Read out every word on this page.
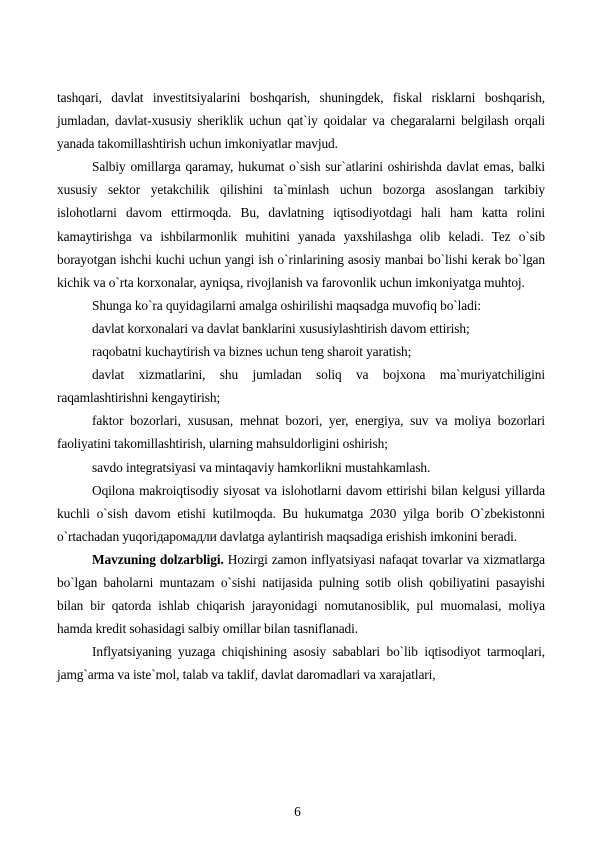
tashqari, davlat investitsiyalarini boshqarish, shuningdek, fiskal risklarni boshqarish, jumladan, davlat-xususiy sheriklik uchun qat`iy qoidalar va chegaralarni belgilash orqali yanada takomillashtirish uchun imkoniyatlar mavjud.

Salbiy omillarga qaramay, hukumat o`sish sur`atlarini oshirishda davlat emas, balki xususiy sektor yetakchilik qilishini ta`minlash uchun bozorga asoslangan tarkibiy islohotlarni davom ettirmoqda. Bu, davlatning iqtisodiyotdagi hali ham katta rolini kamaytirishga va ishbilarmonlik muhitini yanada yaxshilashga olib keladi. Tez o`sib borayotgan ishchi kuchi uchun yangi ish o`rinlarining asosiy manbai bo`lishi kerak bo`lgan kichik va o`rta korxonalar, ayniqsa, rivojlanish va farovonlik uchun imkoniyatga muhtoj.

Shunga ko`ra quyidagilarni amalga oshirilishi maqsadga muvofiq bo`ladi:

davlat korxonalari va davlat banklarini xususiylashtirish davom ettirish;

raqobatni kuchaytirish va biznes uchun teng sharoit yaratish;

davlat xizmatlarini, shu jumladan soliq va bojxona ma`muriyatchiligini raqamlashtirishni kengaytirish;

faktor bozorlari, xususan, mehnat bozori, yer, energiya, suv va moliya bozorlari faoliyatini takomillashtirish, ularning mahsuldorligini oshirish;

savdo integratsiyasi va mintaqaviy hamkorlikni mustahkamlash.

Oqilona makroiqtisodiy siyosat va islohotlarni davom ettirishi bilan kelgusi yillarda kuchli o`sish davom etishi kutilmoqda. Bu hukumatga 2030 yilga borib O`zbekistonni o`rtachadan yuqoriдаромадли davlatga aylantirish maqsadiga erishish imkonini beradi.

Mavzuning dolzarbligi. Hozirgi zamon inflyatsiyasi nafaqat tovarlar va xizmatlarga bo`lgan baholarni muntazam o`sishi natijasida pulning sotib olish qobiliyatini pasayishi bilan bir qatorda ishlab chiqarish jarayonidagi nomutanosiblik, pul muomalasi, moliya hamda kredit sohasidagi salbiy omillar bilan tasniflanadi.

Inflyatsiyaning yuzaga chiqishining asosiy sabablari bo`lib iqtisodiyot tarmoqlari, jamg`arma va iste`mol, talab va taklif, davlat daromadlari va xarajatlari,

6
